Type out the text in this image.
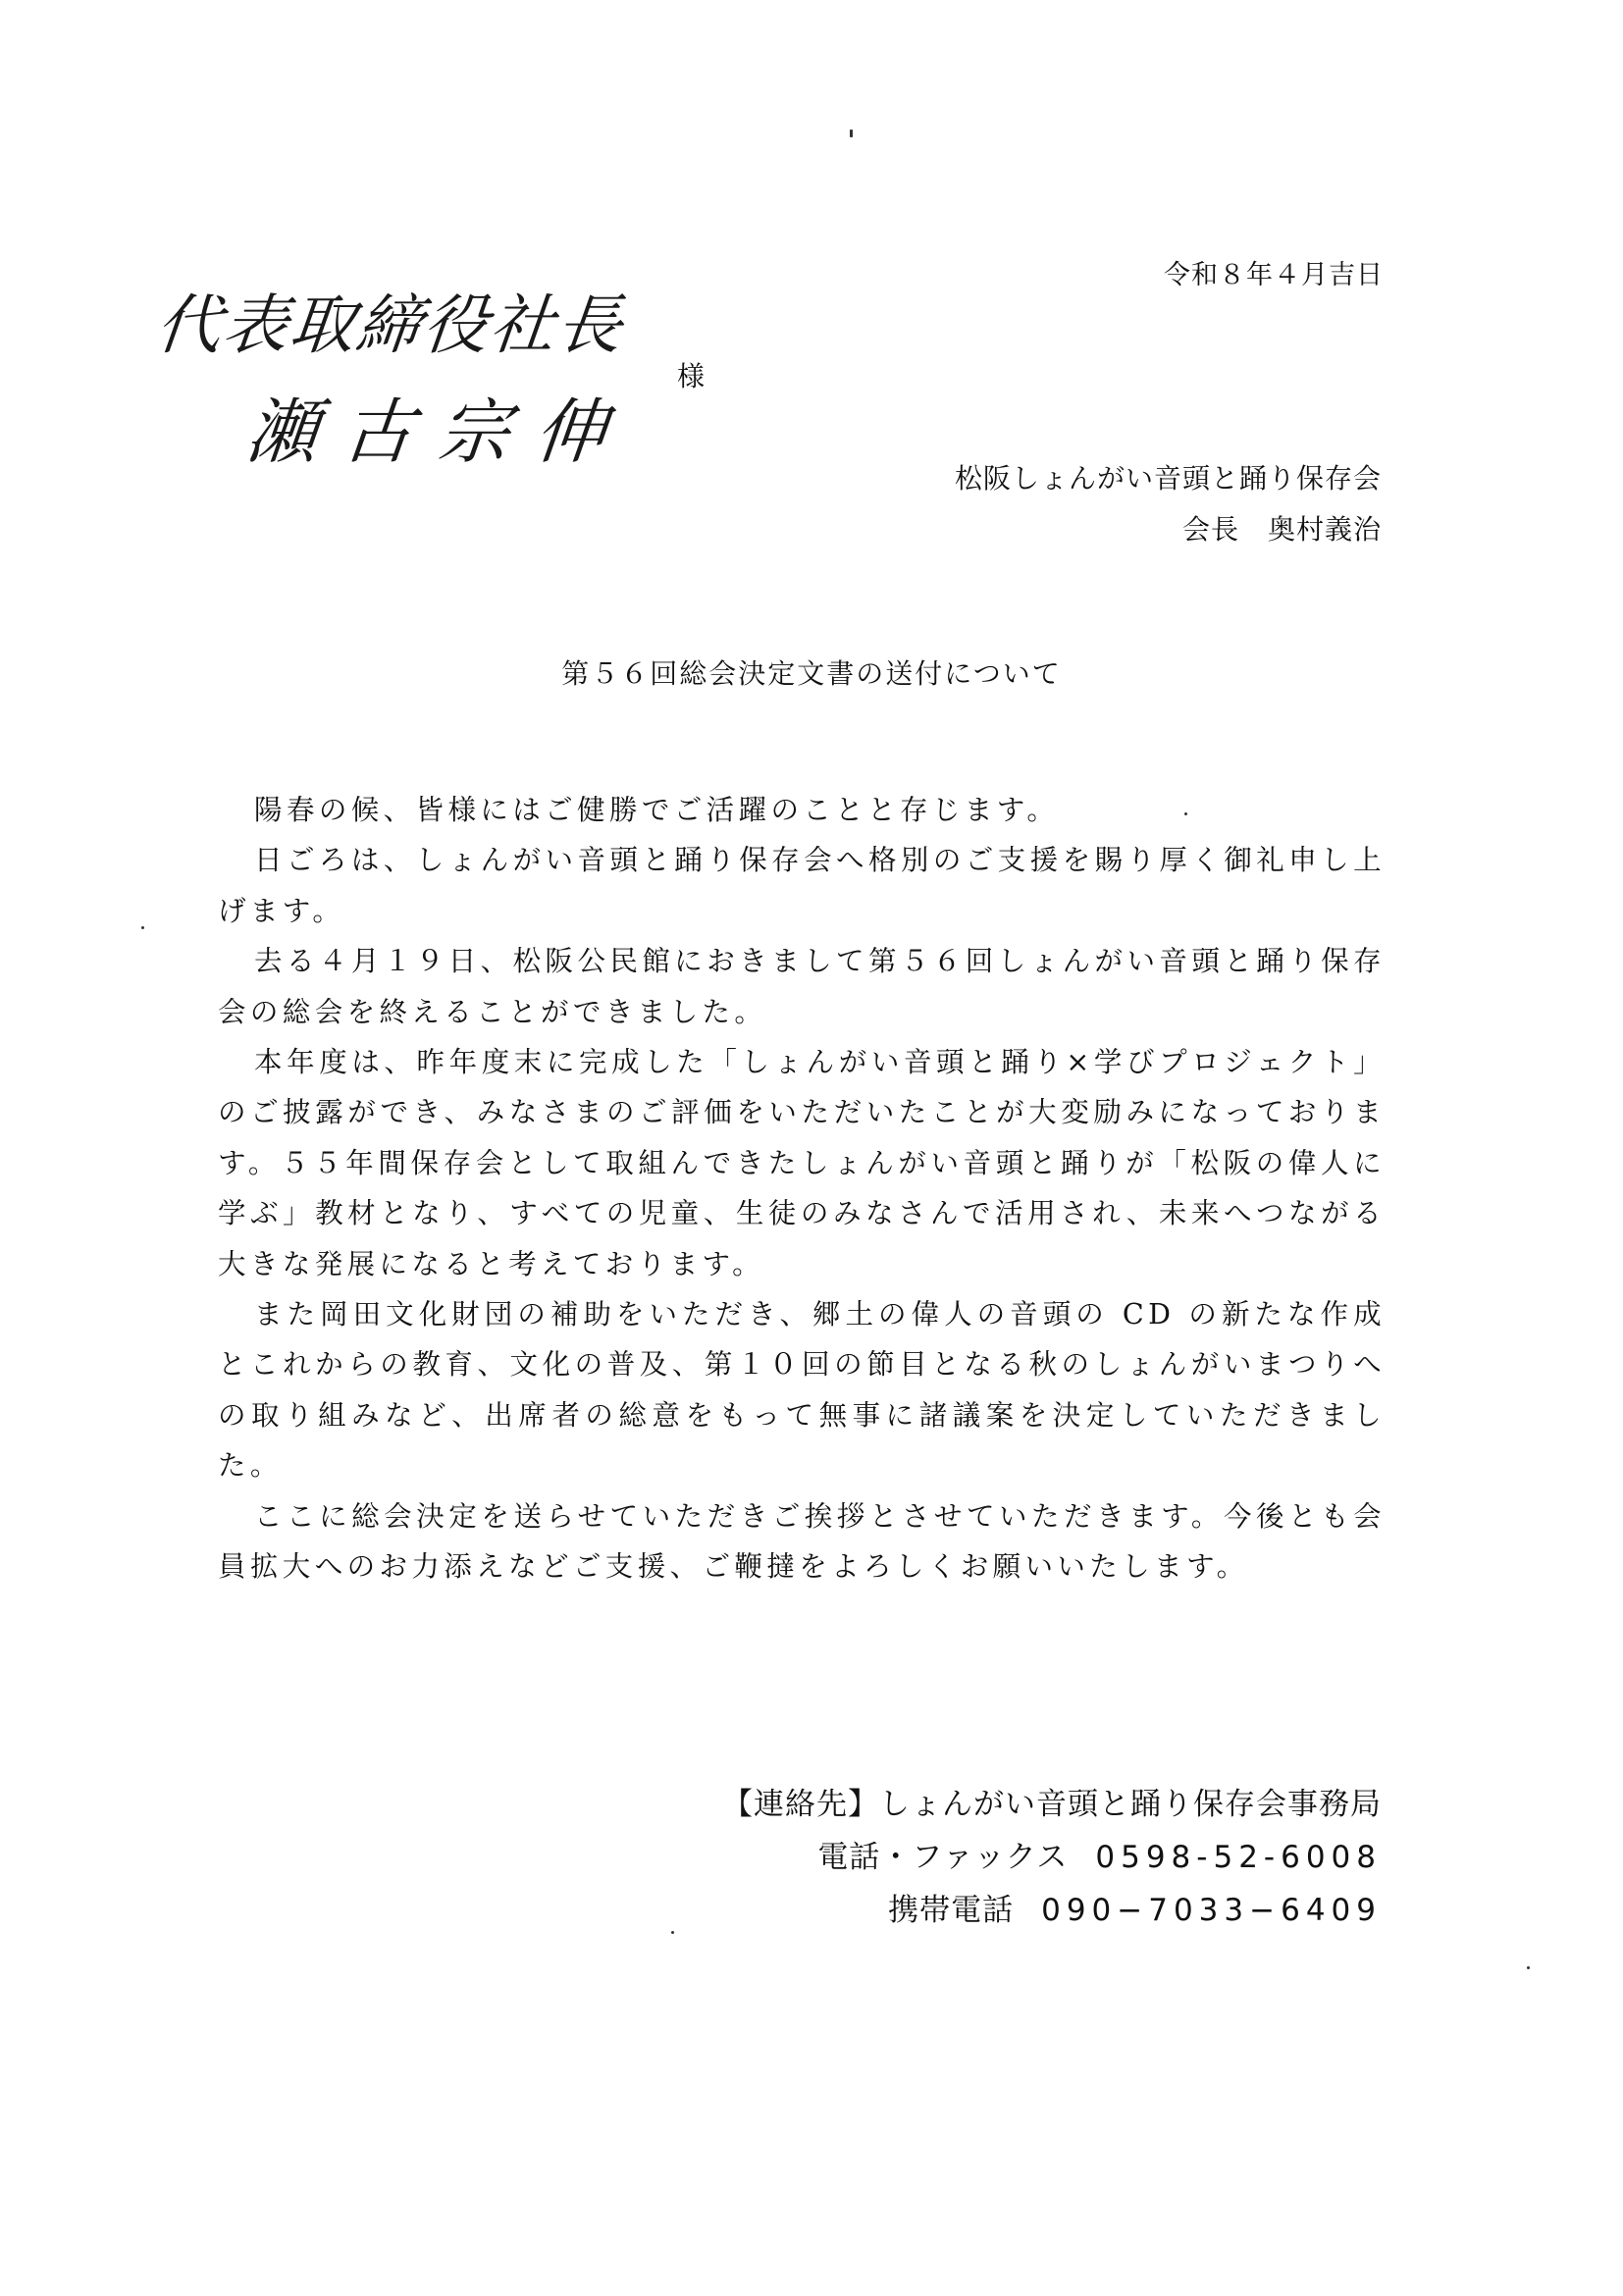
令和８年４月吉日
代表取締役社長
瀬古宗伸
様
松阪しょんがい音頭と踊り保存会
会長　奥村義治
第５６回総会決定文書の送付について

陽春の候、皆様にはご健勝でご活躍のことと存じます。

日ごろは、しょんがい音頭と踊り保存会へ格別のご支援を賜り厚く御礼申し上げます。

去る４月１９日、松阪公民館におきまして第５６回しょんがい音頭と踊り保存会の総会を終えることができました。

本年度は、昨年度末に完成した「しょんがい音頭と踊り×学びプロジェクト」のご披露ができ、みなさまのご評価をいただいたことが大変励みになっております。５５年間保存会として取組んできたしょんがい音頭と踊りが「松阪の偉人に学ぶ」教材となり、すべての児童、生徒のみなさんで活用され、未来へつながる大きな発展になると考えております。

また岡田文化財団の補助をいただき、郷土の偉人の音頭の CD の新たな作成とこれからの教育、文化の普及、第１０回の節目となる秋のしょんがいまつりへの取り組みなど、出席者の総意をもって無事に諸議案を決定していただきました。

ここに総会決定を送らせていただきご挨拶とさせていただきます。今後とも会員拡大へのお力添えなどご支援、ご鞭撻をよろしくお願いいたします。

【連絡先】しょんがい音頭と踊り保存会事務局
電話・ファックス 0598-52-6008
携帯電話 090−7033−6409
